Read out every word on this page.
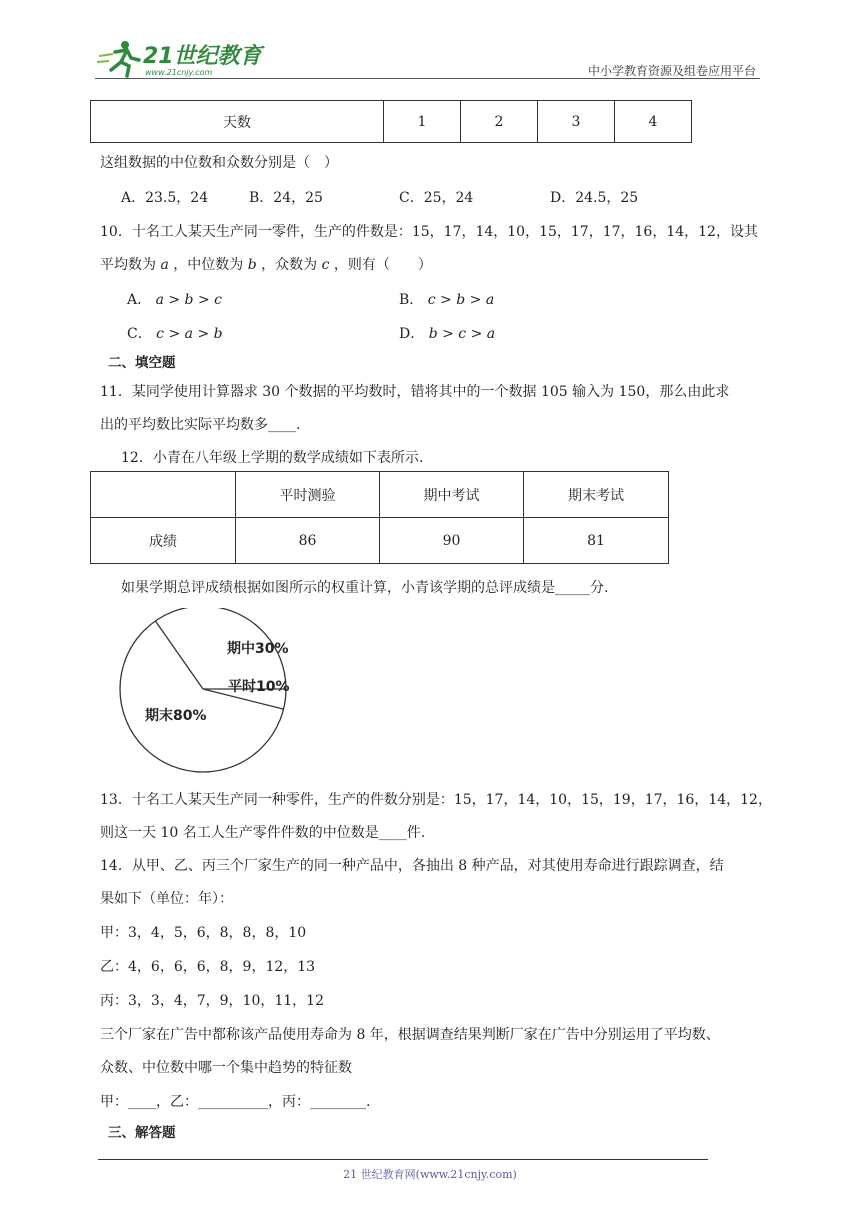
21世纪教育
www.21cnjy.com	中小学教育资源及组卷应用平台
天数	1	2	3	4
这组数据的中位数和众数分别是（　）
A．23.5，24	B．24，25	C．25，24	D．24.5，25
10．十名工人某天生产同一零件，生产的件数是：15，17，14，10，15，17，17，16，14，12，设其
平均数为 a ，中位数为 b ，众数为 c ，则有（　　）
A． a > b > c	B． c > b > a
C． c > a > b	D． b > c > a
二、填空题
11．某同学使用计算器求 30 个数据的平均数时，错将其中的一个数据 105 输入为 150，那么由此求
出的平均数比实际平均数多____.
12．小青在八年级上学期的数学成绩如下表所示.
	平时测验	期中考试	期末考试
成绩	86	90	81
如果学期总评成绩根据如图所示的权重计算，小青该学期的总评成绩是_____分.
期中30%
平时10%
期末80%
13．十名工人某天生产同一种零件，生产的件数分别是：15，17，14，10，15，19，17，16，14，12，
则这一天 10 名工人生产零件件数的中位数是____件.
14．从甲、乙、丙三个厂家生产的同一种产品中，各抽出 8 种产品，对其使用寿命进行跟踪调查，结
果如下（单位：年）：
甲：3，4，5，6，8，8，8，10
乙：4，6，6，6，8，9，12，13
丙：3，3，4，7，9，10，11，12
三个厂家在广告中都称该产品使用寿命为 8 年，根据调查结果判断厂家在广告中分别运用了平均数、
众数、中位数中哪一个集中趋势的特征数
甲：____，乙：__________，丙：________.
三、解答题
21 世纪教育网(www.21cnjy.com)
